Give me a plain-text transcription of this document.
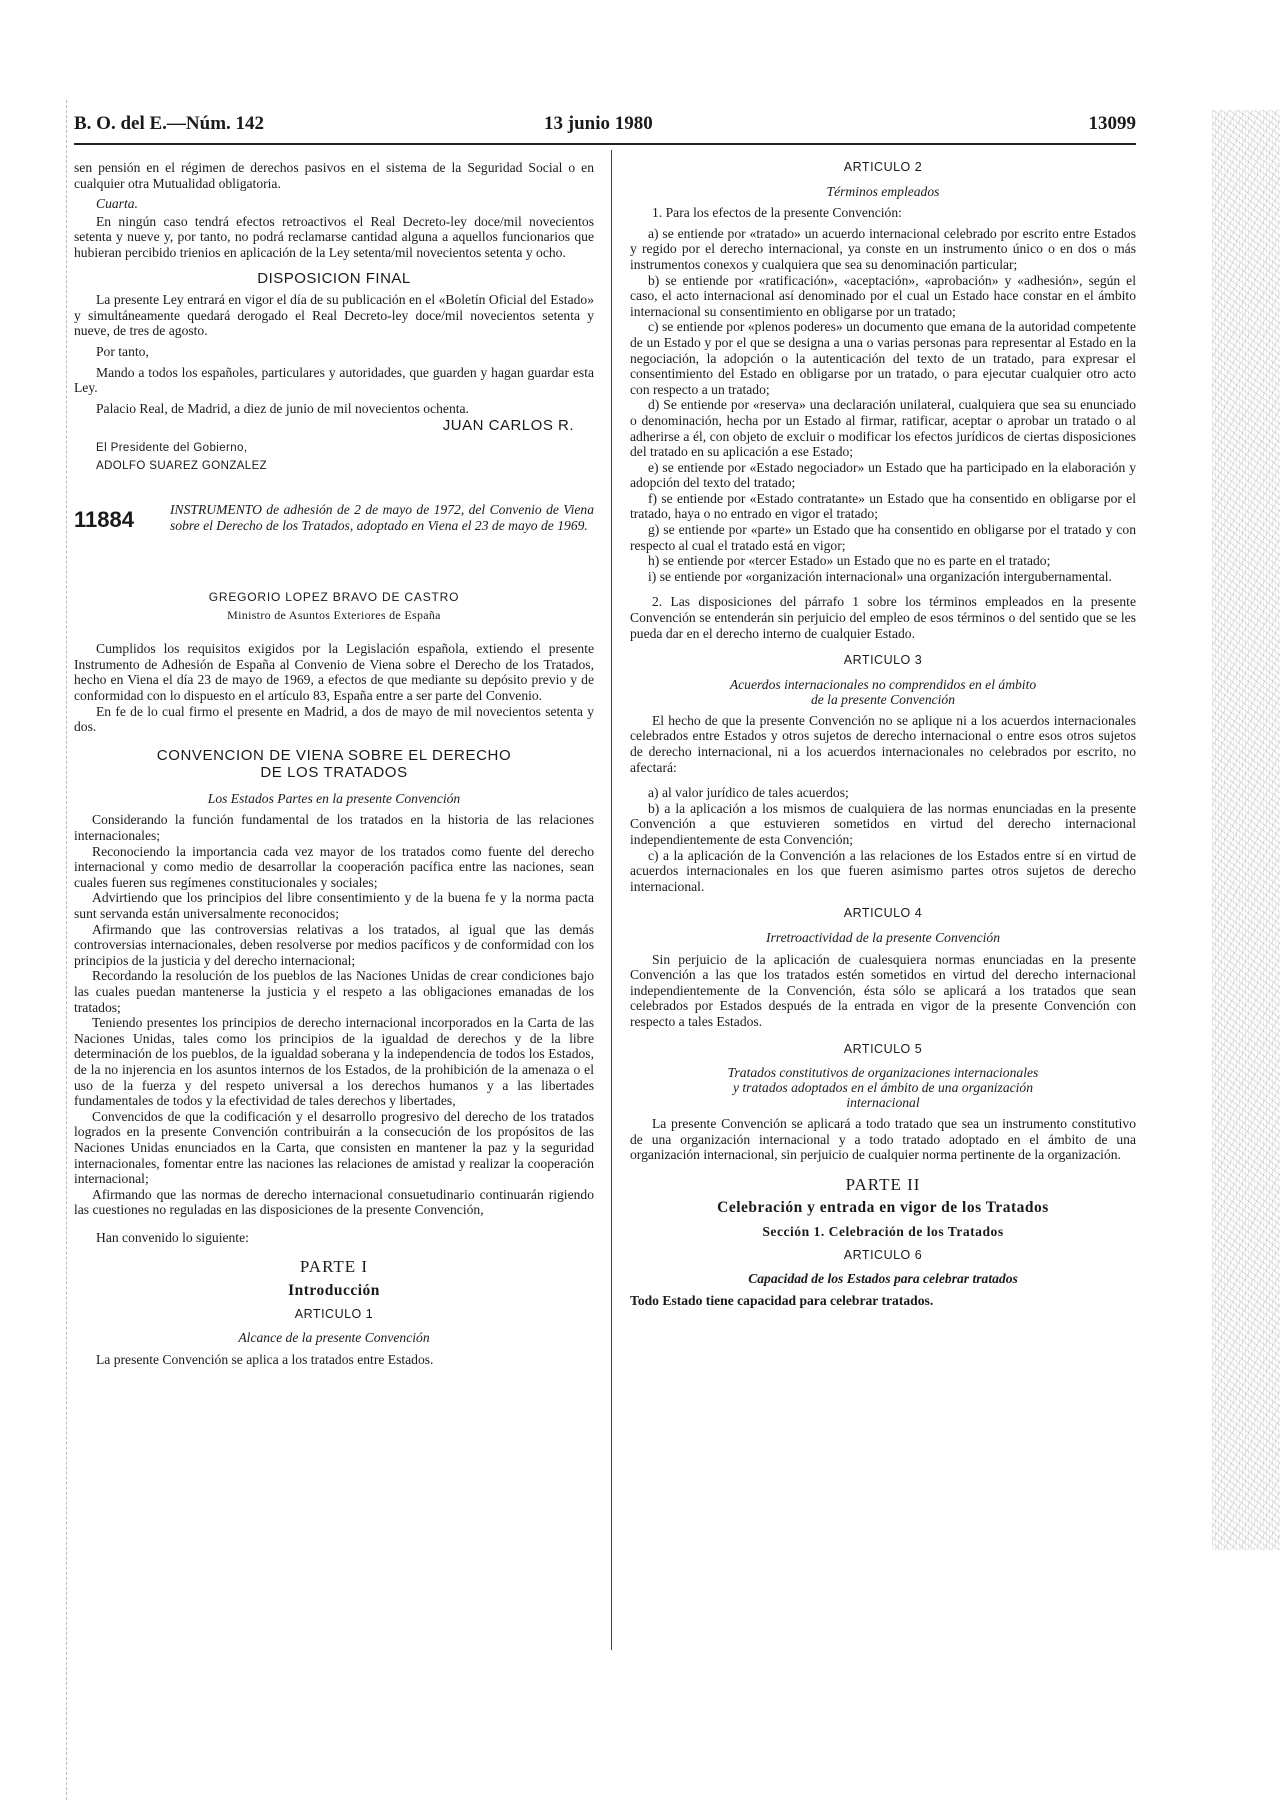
B. O. del E.—Núm. 142	13 junio 1980	13099

sen pensión en el régimen de derechos pasivos en el sistema de la Seguridad Social o en cualquier otra Mutualidad obligatoria.

Cuarta.

En ningún caso tendrá efectos retroactivos el Real Decreto-ley doce/mil novecientos setenta y nueve y, por tanto, no podrá reclamarse cantidad alguna a aquellos funcionarios que hubieran percibido trienios en aplicación de la Ley setenta/mil novecientos setenta y ocho.

DISPOSICION FINAL

La presente Ley entrará en vigor el día de su publicación en el «Boletín Oficial del Estado» y simultáneamente quedará derogado el Real Decreto-ley doce/mil novecientos setenta y nueve, de tres de agosto.

Por tanto,

Mando a todos los españoles, particulares y autoridades, que guarden y hagan guardar esta Ley.

Palacio Real, de Madrid, a diez de junio de mil novecientos ochenta.

JUAN CARLOS R.

El Presidente del Gobierno,

ADOLFO SUAREZ GONZALEZ

11884	INSTRUMENTO de adhesión de 2 de mayo de 1972, del Convenio de Viena sobre el Derecho de los Tratados, adoptado en Viena el 23 de mayo de 1969.
GREGORIO LOPEZ BRAVO DE CASTRO
Ministro de Asuntos Exteriores de España

Cumplidos los requisitos exigidos por la Legislación española, extiendo el presente Instrumento de Adhesión de España al Convenio de Viena sobre el Derecho de los Tratados, hecho en Viena el día 23 de mayo de 1969, a efectos de que mediante su depósito previo y de conformidad con lo dispuesto en el artículo 83, España entre a ser parte del Convenio.

En fe de lo cual firmo el presente en Madrid, a dos de mayo de mil novecientos setenta y dos.

CONVENCION DE VIENA SOBRE EL DERECHO
DE LOS TRATADOS
Los Estados Partes en la presente Convención

Considerando la función fundamental de los tratados en la historia de las relaciones internacionales;

Reconociendo la importancia cada vez mayor de los tratados como fuente del derecho internacional y como medio de desarrollar la cooperación pacífica entre las naciones, sean cuales fueren sus regímenes constitucionales y sociales;

Advirtiendo que los principios del libre consentimiento y de la buena fe y la norma pacta sunt servanda están universalmente reconocidos;

Afirmando que las controversias relativas a los tratados, al igual que las demás controversias internacionales, deben resolverse por medios pacíficos y de conformidad con los principios de la justicia y del derecho internacional;

Recordando la resolución de los pueblos de las Naciones Unidas de crear condiciones bajo las cuales puedan mantenerse la justicia y el respeto a las obligaciones emanadas de los tratados;

Teniendo presentes los principios de derecho internacional incorporados en la Carta de las Naciones Unidas, tales como los principios de la igualdad de derechos y de la libre determinación de los pueblos, de la igualdad soberana y la independencia de todos los Estados, de la no injerencia en los asuntos internos de los Estados, de la prohibición de la amenaza o el uso de la fuerza y del respeto universal a los derechos humanos y a las libertades fundamentales de todos y la efectividad de tales derechos y libertades,

Convencidos de que la codificación y el desarrollo progresivo del derecho de los tratados logrados en la presente Convención contribuirán a la consecución de los propósitos de las Naciones Unidas enunciados en la Carta, que consisten en mantener la paz y la seguridad internacionales, fomentar entre las naciones las relaciones de amistad y realizar la cooperación internacional;

Afirmando que las normas de derecho internacional consuetudinario continuarán rigiendo las cuestiones no reguladas en las disposiciones de la presente Convención,

Han convenido lo siguiente:

PARTE I
Introducción
ARTICULO 1
Alcance de la presente Convención

La presente Convención se aplica a los tratados entre Estados.

ARTICULO 2
Términos empleados

1. Para los efectos de la presente Convención:

a) se entiende por «tratado» un acuerdo internacional celebrado por escrito entre Estados y regido por el derecho internacional, ya conste en un instrumento único o en dos o más instrumentos conexos y cualquiera que sea su denominación particular;

b) se entiende por «ratificación», «aceptación», «aprobación» y «adhesión», según el caso, el acto internacional así denominado por el cual un Estado hace constar en el ámbito internacional su consentimiento en obligarse por un tratado;

c) se entiende por «plenos poderes» un documento que emana de la autoridad competente de un Estado y por el que se designa a una o varias personas para representar al Estado en la negociación, la adopción o la autenticación del texto de un tratado, para expresar el consentimiento del Estado en obligarse por un tratado, o para ejecutar cualquier otro acto con respecto a un tratado;

d) Se entiende por «reserva» una declaración unilateral, cualquiera que sea su enunciado o denominación, hecha por un Estado al firmar, ratificar, aceptar o aprobar un tratado o al adherirse a él, con objeto de excluir o modificar los efectos jurídicos de ciertas disposiciones del tratado en su aplicación a ese Estado;

e) se entiende por «Estado negociador» un Estado que ha participado en la elaboración y adopción del texto del tratado;

f) se entiende por «Estado contratante» un Estado que ha consentido en obligarse por el tratado, haya o no entrado en vigor el tratado;

g) se entiende por «parte» un Estado que ha consentido en obligarse por el tratado y con respecto al cual el tratado está en vigor;

h) se entiende por «tercer Estado» un Estado que no es parte en el tratado;

i) se entiende por «organización internacional» una organización intergubernamental.

2. Las disposiciones del párrafo 1 sobre los términos empleados en la presente Convención se entenderán sin perjuicio del empleo de esos términos o del sentido que se les pueda dar en el derecho interno de cualquier Estado.

ARTICULO 3
Acuerdos internacionales no comprendidos en el ámbito
de la presente Convención

El hecho de que la presente Convención no se aplique ni a los acuerdos internacionales celebrados entre Estados y otros sujetos de derecho internacional o entre esos otros sujetos de derecho internacional, ni a los acuerdos internacionales no celebrados por escrito, no afectará:

a) al valor jurídico de tales acuerdos;

b) a la aplicación a los mismos de cualquiera de las normas enunciadas en la presente Convención a que estuvieren sometidos en virtud del derecho internacional independientemente de esta Convención;

c) a la aplicación de la Convención a las relaciones de los Estados entre sí en virtud de acuerdos internacionales en los que fueren asimismo partes otros sujetos de derecho internacional.

ARTICULO 4
Irretroactividad de la presente Convención

Sin perjuicio de la aplicación de cualesquiera normas enunciadas en la presente Convención a las que los tratados estén sometidos en virtud del derecho internacional independientemente de la Convención, ésta sólo se aplicará a los tratados que sean celebrados por Estados después de la entrada en vigor de la presente Convención con respecto a tales Estados.

ARTICULO 5
Tratados constitutivos de organizaciones internacionales
y tratados adoptados en el ámbito de una organización
internacional

La presente Convención se aplicará a todo tratado que sea un instrumento constitutivo de una organización internacional y a todo tratado adoptado en el ámbito de una organización internacional, sin perjuicio de cualquier norma pertinente de la organización.

PARTE II
Celebración y entrada en vigor de los Tratados
Sección 1. Celebración de los Tratados
ARTICULO 6
Capacidad de los Estados para celebrar tratados

Todo Estado tiene capacidad para celebrar tratados.
